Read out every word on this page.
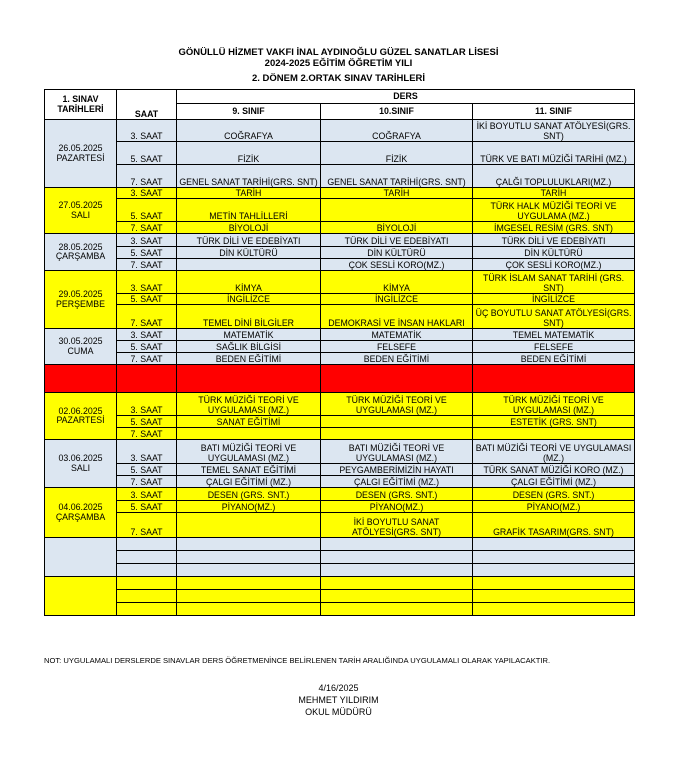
GÖNÜLLÜ HİZMET VAKFI İNAL AYDINOĞLU GÜZEL SANATLAR LİSESİ
2024-2025 EĞİTİM ÖĞRETİM YILI
2. DÖNEM 2.ORTAK SINAV TARİHLERİ
1. SINAV TARİHLERİ	SAAT	DERS		
		9. SINIF	10.SINIF	11. SINIF

26.05.2025
PAZARTESİ	3. SAAT	COĞRAFYA	COĞRAFYA	İKİ BOYUTLU SANAT ATÖLYESİ(GRS. SNT)
	5. SAAT	FİZİK	FİZİK	TÜRK VE BATI MÜZİĞİ TARİHİ (MZ.)
	7. SAAT	GENEL SANAT TARİHİ(GRS. SNT)	GENEL SANAT TARİHİ(GRS. SNT)	ÇALĞI TOPLULUKLARI(MZ.)

27.05.2025
SALI	3. SAAT	TARİH	TARİH	TARİH
	5. SAAT	METİN TAHLİLLERİ		TÜRK HALK MÜZİĞİ TEORİ VE UYGULAMA (MZ.)
	7. SAAT	BİYOLOJİ	BİYOLOJİ	İMGESEL RESİM (GRS. SNT)

28.05.2025
ÇARŞAMBA	3. SAAT	TÜRK DİLİ VE EDEBİYATI	TÜRK DİLİ VE EDEBİYATI	TÜRK DİLİ VE EDEBİYATI
	5. SAAT	DİN KÜLTÜRÜ	DİN KÜLTÜRÜ	DİN KÜLTÜRÜ
	7. SAAT		ÇOK SESLİ KORO(MZ.)	ÇOK SESLİ KORO(MZ.)

29.05.2025
PERŞEMBE	3. SAAT	KİMYA	KİMYA	TÜRK İSLAM SANAT TARİHİ (GRS. SNT)
	5. SAAT	İNGİLİZCE	İNGİLİZCE	İNGİLİZCE
	7. SAAT	TEMEL DİNİ BİLGİLER	DEMOKRASİ VE İNSAN HAKLARI	ÜÇ BOYUTLU SANAT ATÖLYESİ(GRS. SNT)

30.05.2025
CUMA	3. SAAT	MATEMATİK	MATEMATİK	TEMEL MATEMATİK
	5. SAAT	SAĞLIK BİLGİSİ	FELSEFE	FELSEFE
	7. SAAT	BEDEN EĞİTİMİ	BEDEN EĞİTİMİ	BEDEN EĞİTİMİ

02.06.2025
PAZARTESİ	3. SAAT	TÜRK MÜZİĞİ TEORİ VE UYGULAMASI (MZ.)	TÜRK MÜZİĞİ TEORİ VE UYGULAMASI (MZ.)	TÜRK MÜZİĞİ TEORİ VE UYGULAMASI (MZ.)
	5. SAAT	SANAT EĞİTİMİ		ESTETİK (GRS. SNT)
	7. SAAT			

03.06.2025
SALI	3. SAAT	BATI MÜZİĞİ TEORİ VE UYGULAMASI (MZ.)	BATI MÜZİĞİ TEORİ VE UYGULAMASI (MZ.)	BATI MÜZİĞİ TEORİ VE UYGULAMASI (MZ.)
	5. SAAT	TEMEL SANAT EĞİTİMİ	PEYGAMBERİMİZİN HAYATI	TÜRK SANAT MÜZİĞİ KORO (MZ.)
	7. SAAT	ÇALGI EĞİTİMİ (MZ.)	ÇALGI EĞİTİMİ (MZ.)	ÇALGI EĞİTİMİ (MZ.)

04.06.2025
ÇARŞAMBA	3. SAAT	DESEN (GRS. SNT.)	DESEN (GRS. SNT.)	DESEN (GRS. SNT.)
	5. SAAT	PİYANO(MZ.)	PİYANO(MZ.)	PİYANO(MZ.)
	7. SAAT		İKİ BOYUTLU SANAT ATÖLYESİ(GRS. SNT)	GRAFİK TASARIM(GRS. SNT)

NOT: UYGULAMALI DERSLERDE SINAVLAR DERS ÖĞRETMENİNCE BELİRLENEN TARİH ARALIĞINDA UYGULAMALI OLARAK YAPILACAKTIR.
4/16/2025
MEHMET YILDIRIM
OKUL MÜDÜRÜ
